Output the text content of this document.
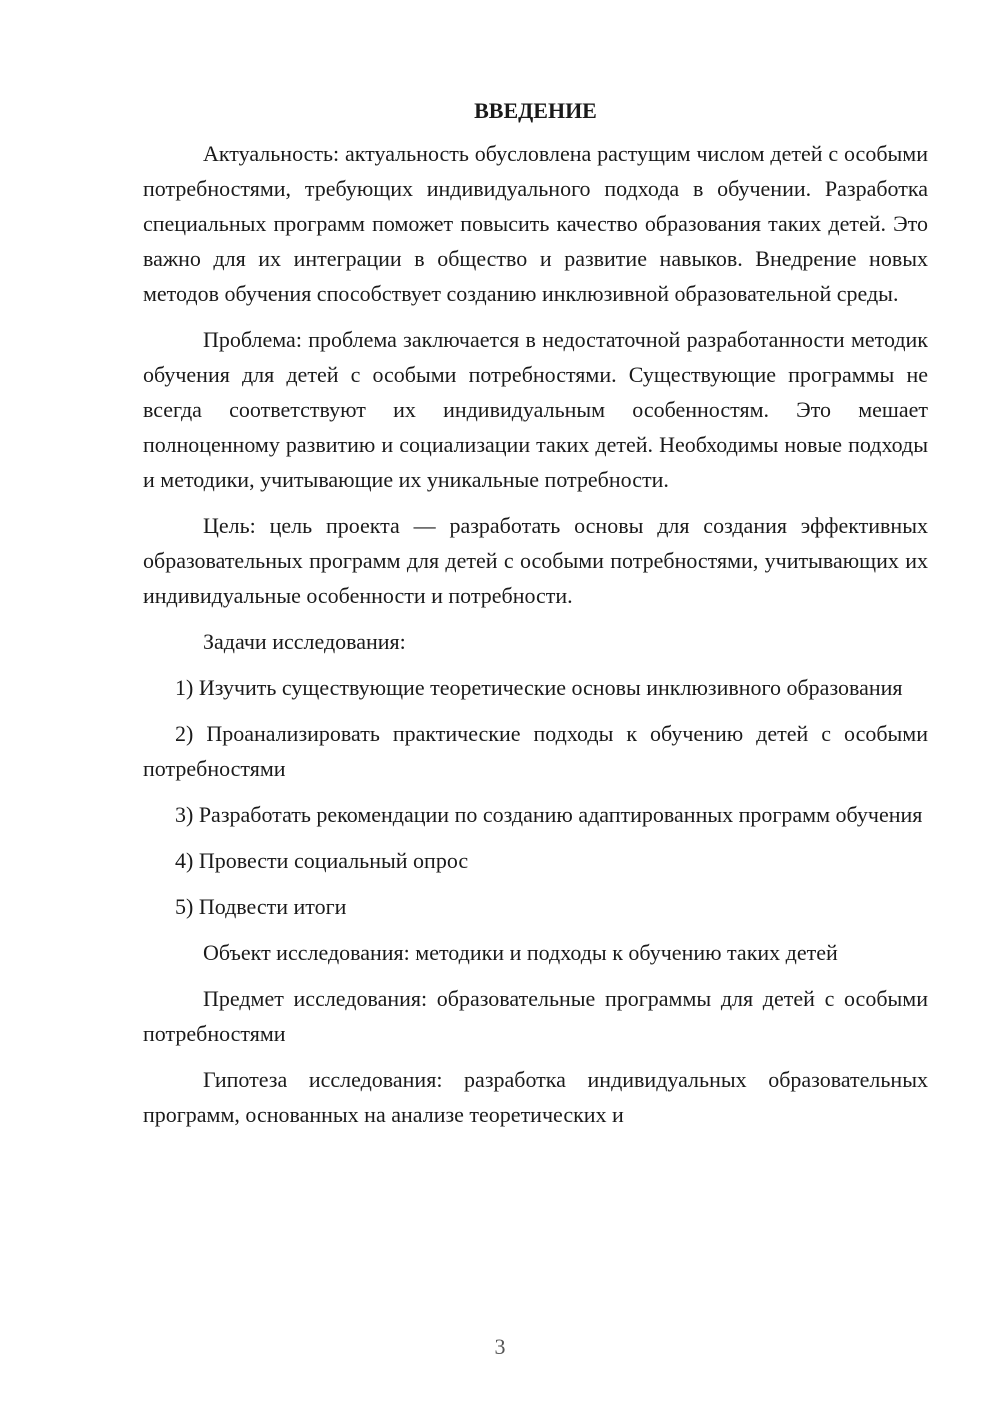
ВВЕДЕНИЕ

Актуальность: актуальность обусловлена растущим числом детей с особыми потребностями, требующих индивидуального подхода в обучении. Разработка специальных программ поможет повысить качество образования таких детей. Это важно для их интеграции в общество и развитие навыков. Внедрение новых методов обучения способствует созданию инклюзивной образовательной среды.

Проблема: проблема заключается в недостаточной разработанности методик обучения для детей с особыми потребностями. Существующие программы не всегда соответствуют их индивидуальным особенностям. Это мешает полноценному развитию и социализации таких детей. Необходимы новые подходы и методики, учитывающие их уникальные потребности.

Цель: цель проекта — разработать основы для создания эффективных образовательных программ для детей с особыми потребностями, учитывающих их индивидуальные особенности и потребности.

Задачи исследования:

1) Изучить существующие теоретические основы инклюзивного образования

2) Проанализировать практические подходы к обучению детей с особыми потребностями

3) Разработать рекомендации по созданию адаптированных программ обучения

4) Провести социальный опрос

5) Подвести итоги

Объект исследования: методики и подходы к обучению таких детей

Предмет исследования: образовательные программы для детей с особыми потребностями

Гипотеза исследования: разработка индивидуальных образовательных программ, основанных на анализе теоретических и

3
